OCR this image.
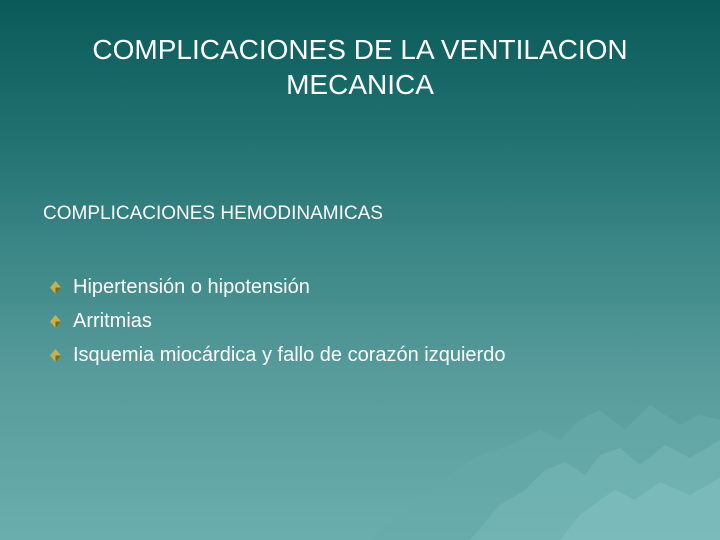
COMPLICACIONES DE LA VENTILACION
MECANICA

COMPLICACIONES HEMODINAMICAS

Hipertensión o hipotensión
Arritmias
Isquemia miocárdica y fallo de corazón izquierdo
